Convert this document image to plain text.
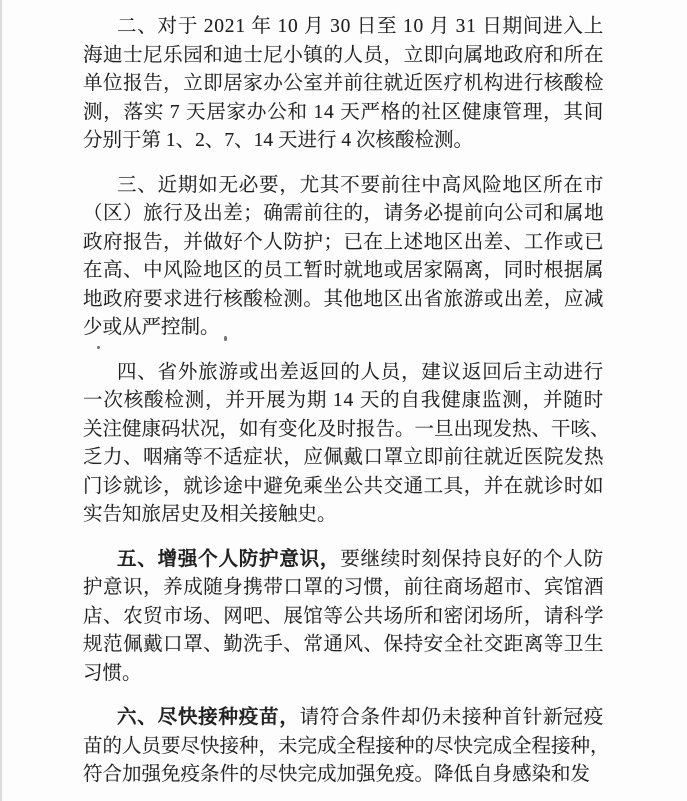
二、对于 2021 年 10 月 30 日至 10 月 31 日期间进入上
海迪士尼乐园和迪士尼小镇的人员，立即向属地政府和所在
单位报告，立即居家办公室并前往就近医疗机构进行核酸检
测，落实 7 天居家办公和 14 天严格的社区健康管理，其间
分别于第 1、2、7、14 天进行 4 次核酸检测。
三、近期如无必要，尤其不要前往中高风险地区所在市
（区）旅行及出差；确需前往的，请务必提前向公司和属地
政府报告，并做好个人防护；已在上述地区出差、工作或已
在高、中风险地区的员工暂时就地或居家隔离，同时根据属
地政府要求进行核酸检测。其他地区出省旅游或出差，应减
少或从严控制。
四、省外旅游或出差返回的人员，建议返回后主动进行
一次核酸检测，并开展为期 14 天的自我健康监测，并随时
关注健康码状况，如有变化及时报告。一旦出现发热、干咳、
乏力、咽痛等不适症状，应佩戴口罩立即前往就近医院发热
门诊就诊，就诊途中避免乘坐公共交通工具，并在就诊时如
实告知旅居史及相关接触史。
五、增强个人防护意识，要继续时刻保持良好的个人防
护意识，养成随身携带口罩的习惯，前往商场超市、宾馆酒
店、农贸市场、网吧、展馆等公共场所和密闭场所，请科学
规范佩戴口罩、勤洗手、常通风、保持安全社交距离等卫生
习惯。
六、尽快接种疫苗，请符合条件却仍未接种首针新冠疫
苗的人员要尽快接种，未完成全程接种的尽快完成全程接种，
符合加强免疫条件的尽快完成加强免疫。降低自身感染和发
